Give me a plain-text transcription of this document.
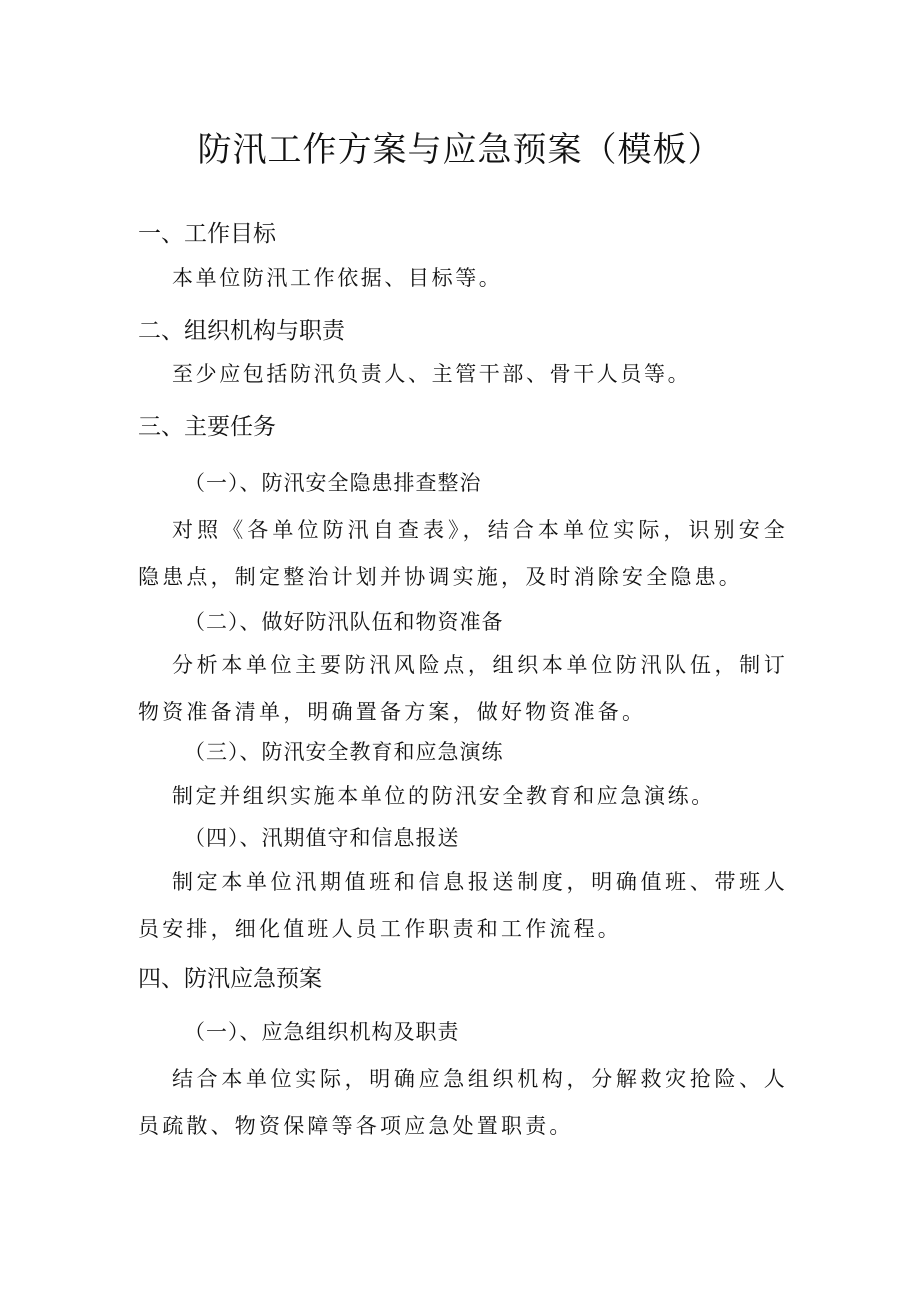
防汛工作方案与应急预案（模板）
一、工作目标
本单位防汛工作依据、目标等。
二、组织机构与职责
至少应包括防汛负责人、主管干部、骨干人员等。
三、主要任务
（一）、防汛安全隐患排查整治
对照《各单位防汛自查表》，结合本单位实际，识别安全隐患点，制定整治计划并协调实施，及时消除安全隐患。
（二）、做好防汛队伍和物资准备
分析本单位主要防汛风险点，组织本单位防汛队伍，制订物资准备清单，明确置备方案，做好物资准备。
（三）、防汛安全教育和应急演练
制定并组织实施本单位的防汛安全教育和应急演练。
（四）、汛期值守和信息报送
制定本单位汛期值班和信息报送制度，明确值班、带班人员安排，细化值班人员工作职责和工作流程。
四、防汛应急预案
（一）、应急组织机构及职责
结合本单位实际，明确应急组织机构，分解救灾抢险、人员疏散、物资保障等各项应急处置职责。
